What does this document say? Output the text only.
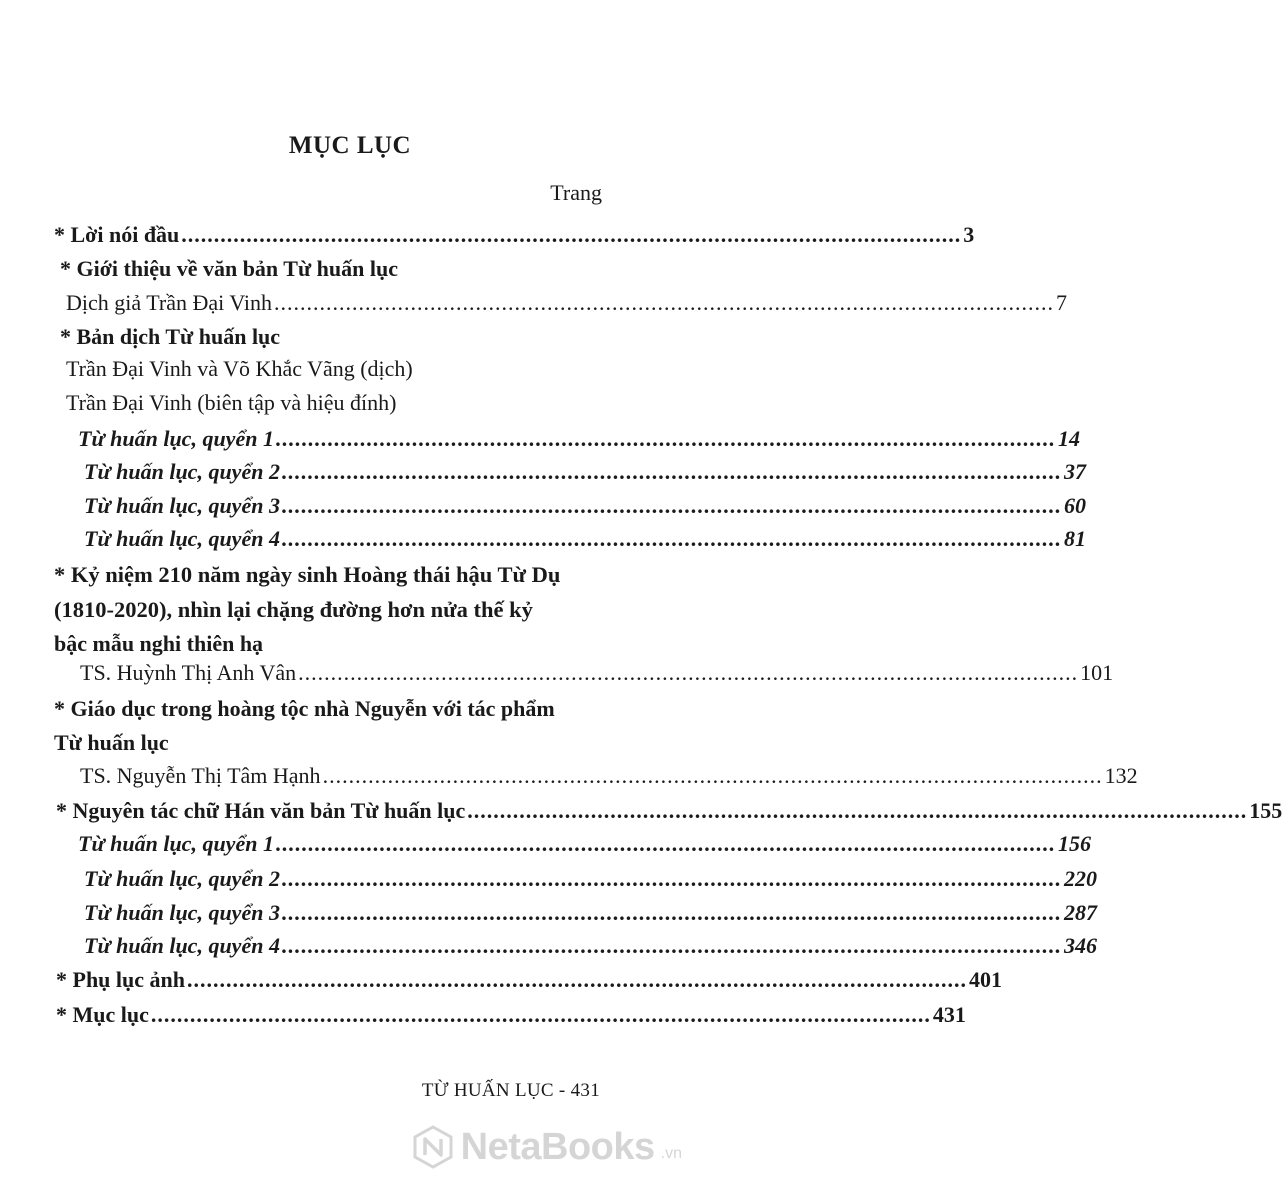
MỤC LỤC
Trang
* Lời nói đầu ........................................................................................................................ 3
* Giới thiệu về văn bản Từ huấn lục
Dịch giả Trần Đại Vinh ........................................................................................................................ 7
* Bản dịch Từ huấn lục
Trần Đại Vinh và Võ Khắc Vãng (dịch)
Trần Đại Vinh (biên tập và hiệu đính)
Từ huấn lục, quyển 1 ........................................................................................................................ 14
Từ huấn lục, quyển 2 ........................................................................................................................ 37
Từ huấn lục, quyển 3 ........................................................................................................................ 60
Từ huấn lục, quyển 4 ........................................................................................................................ 81
* Kỷ niệm 210 năm ngày sinh Hoàng thái hậu Từ Dụ
(1810-2020), nhìn lại chặng đường hơn nửa thế kỷ
bậc mẫu nghi thiên hạ
TS. Huỳnh Thị Anh Vân ........................................................................................................................ 101
* Giáo dục trong hoàng tộc nhà Nguyễn với tác phẩm
Từ huấn lục
TS. Nguyễn Thị Tâm Hạnh ........................................................................................................................ 132
* Nguyên tác chữ Hán văn bản Từ huấn lục ........................................................................................................................ 155
Từ huấn lục, quyển 1 ........................................................................................................................ 156
Từ huấn lục, quyển 2 ........................................................................................................................ 220
Từ huấn lục, quyển 3 ........................................................................................................................ 287
Từ huấn lục, quyển 4 ........................................................................................................................ 346
* Phụ lục ảnh ........................................................................................................................ 401
* Mục lục ........................................................................................................................ 431
TỪ HUẤN LỤC - 431
NetaBooks .vn
